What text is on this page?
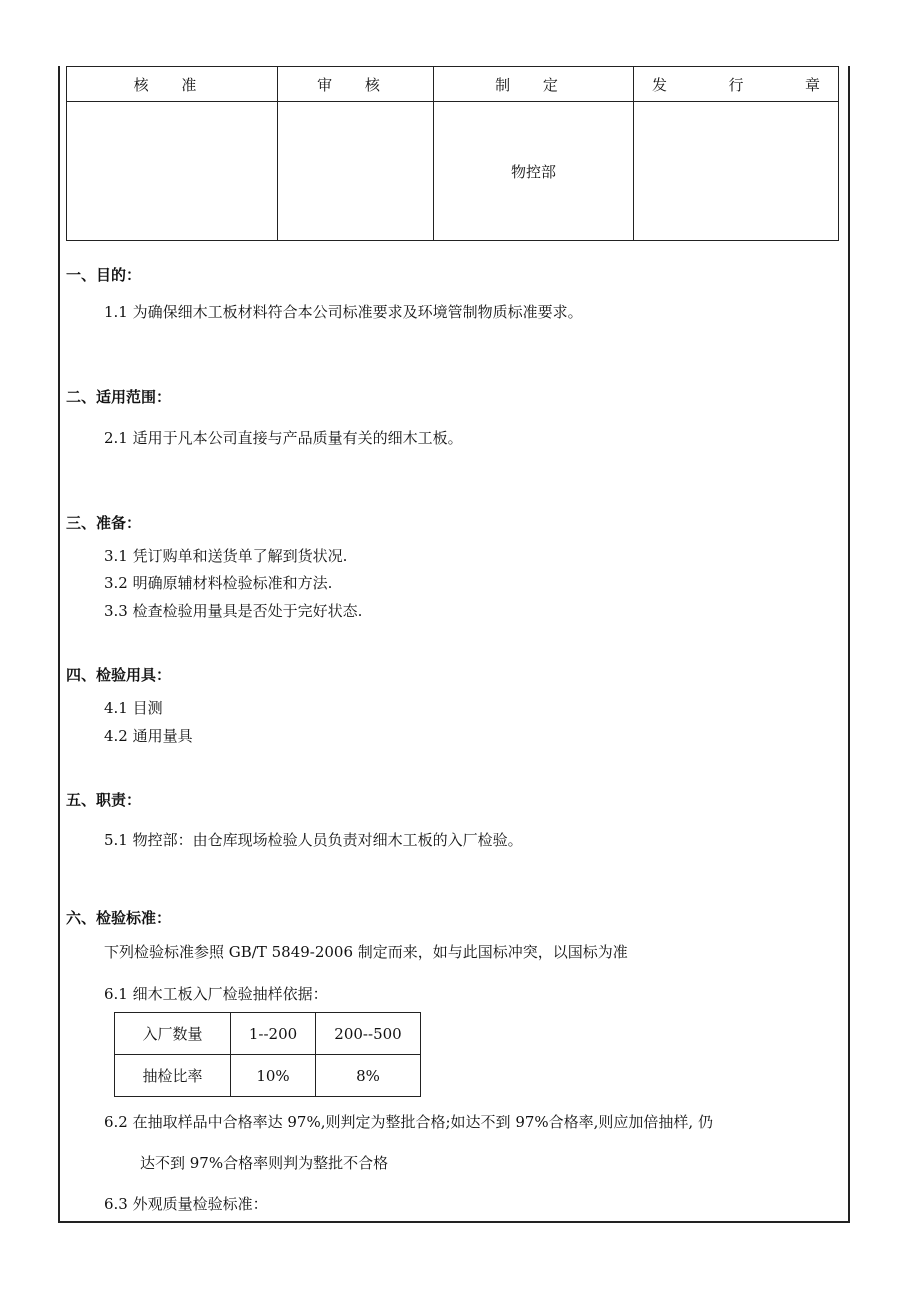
核 准	审 核	制 定	发 行 章

		物控部	
一、目的：
1.1 为确保细木工板材料符合本公司标准要求及环境管制物质标准要求。
二、适用范围：
2.1 适用于凡本公司直接与产品质量有关的细木工板。
三、准备：
3.1 凭订购单和送货单了解到货状况.
3.2 明确原辅材料检验标准和方法.
3.3 检查检验用量具是否处于完好状态.
四、检验用具：
4.1 目测
4.2 通用量具
五、职责：
5.1 物控部：由仓库现场检验人员负责对细木工板的入厂检验。
六、检验标准：
下列检验标准参照 GB/T 5849-2006 制定而来，如与此国标冲突，以国标为准
6.1 细木工板入厂检验抽样依据：
入厂数量	1--200	200--500
抽检比率	10%	8%
6.2 在抽取样品中合格率达 97%,则判定为整批合格;如达不到 97%合格率,则应加倍抽样, 仍
达不到 97%合格率则判为整批不合格
6.3 外观质量检验标准：
